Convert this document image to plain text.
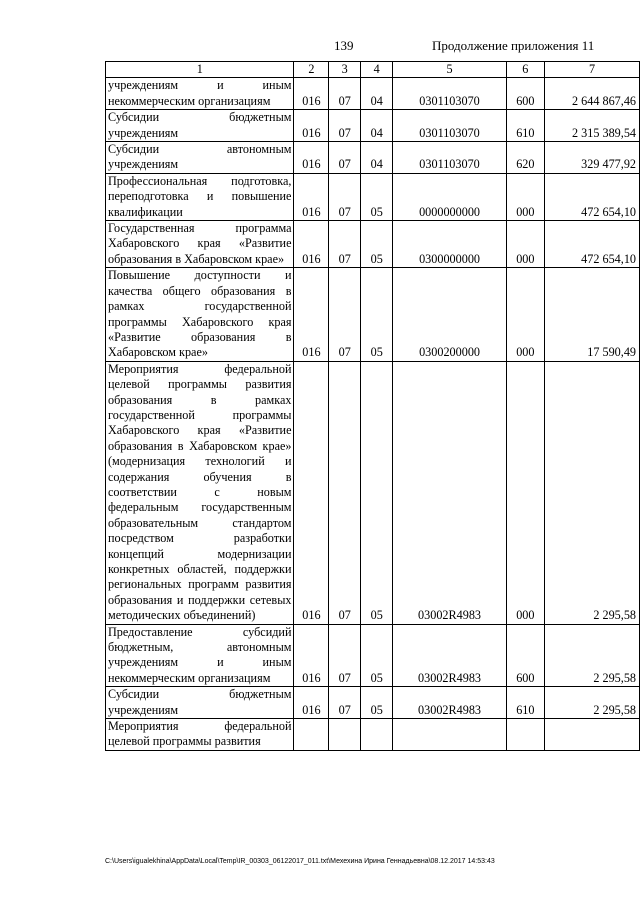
139	Продолжение приложения 11
1	2	3	4	5	6	7
учреждениям и иным некоммерческим организациям	016	07	04	0301103070	600	2 644 867,46
Субсидии бюджетным учреждениям	016	07	04	0301103070	610	2 315 389,54
Субсидии автономным учреждениям	016	07	04	0301103070	620	329 477,92
Профессиональная подготовка, переподготовка и повышение квалификации	016	07	05	0000000000	000	472 654,10
Государственная программа Хабаровского края «Развитие образования в Хабаровском крае»	016	07	05	0300000000	000	472 654,10
Повышение доступности и качества общего образования в рамках государственной программы Хабаровского края «Развитие образования в Хабаровском крае»	016	07	05	0300200000	000	17 590,49
Мероприятия федеральной целевой программы развития образования в рамках государственной программы Хабаровского края «Развитие образования в Хабаровском крае» (модернизация технологий и содержания обучения в соответствии с новым федеральным государственным образовательным стандартом посредством разработки концепций модернизации конкретных областей, поддержки региональных программ развития образования и поддержки сетевых методических объединений)	016	07	05	03002R4983	000	2 295,58
Предоставление субсидий бюджетным, автономным учреждениям и иным некоммерческим организациям	016	07	05	03002R4983	600	2 295,58
Субсидии бюджетным учреждениям	016	07	05	03002R4983	610	2 295,58
Мероприятия федеральной целевой программы развития						
C:\Users\igualekhina\AppData\Local\Temp\IR_00303_06122017_011.txt\Мехехина Ирина Геннадьевна\08.12.2017 14:53:43
